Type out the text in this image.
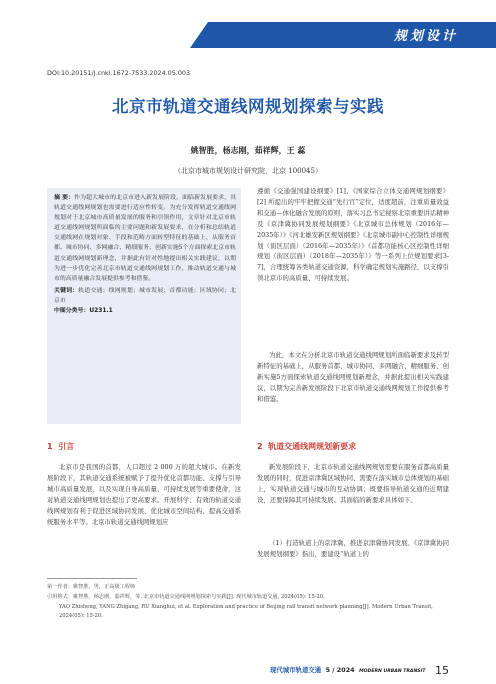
规划设计
DOI:10.20151/j.cnki.1672-7533.2024.05.003
北京市轨道交通线网规划探索与实践
姚智胜，杨志刚，茹祥辉，王 蕊
（北京市城市规划设计研究院，北京 100045）
摘 要：作为超大城市的北京市进入新发展阶段，面临新发展要求，其轨道交通线网规划也需要进行适应性转变。为充分发挥轨道交通线网规划对于北京城市高质量发展的服务和引领作用，文章针对北京市轨道交通线网规划所面临的主要问题和新发展要求，在分析和总结轨道交通线网在规划对象、手段和范畴方面转型特征的基础上，从服务首都、城市协同、多网融合、精细服务、创新实施5个方面探索北京市轨道交通线网规划新理念，并据此有针对性地提出相关实践建议，以期为进一步优化完善北京市轨道交通线网规划工作、推动轨道交通与城市的高质量融合发展提供参考和借鉴。
关键词：轨道交通；线网规划；城市发展；首都功能；区域协同；北京市
中图分类号：U231.1
1 引言
北京市是我国的首都，人口超过 2 000 万的超大城市。在新发展阶段下，其轨道交通系统被赋予了提升优化首都功能、支撑与引导城市高质量发展，以及实现自身高质量、可持续发展等重要使命，这对轨道交通线网规划也提出了更高要求。开展科学、有效的轨道交通线网规划有利于促进区域协同发展、优化城市空间结构、提高交通系统服务水平等。北京市轨道交通线网规划应
遵循《交通强国建设纲要》[1]、《国家综合立体交通网规划纲要》[2] 所提出的牢牢把握交通“先行官”定位，适度超前，注重质量效益和交通—体化融合发展的原则，落实习总书记视察北京重要讲话精神及《京津冀协同发展规划纲要》《北京城市总体规划（2016年—2035年）》《河北雄安新区规划纲要》《北京城市副中心控制性详细规划（街区层面）（2016年—2035年）》《首都功能核心区控制性详细规划（街区层面）（2018年—2035年）》等一系列上位规划要求[3-7]，合理统筹各类轨道交通资源，科学确定规划实施路径，以支撑引领北京市的高质量、可持续发展。
为此，本文在分析北京市轨道交通线网规划所面临新要求及转型新特征的基础上，从服务首都、城市协同、多网融合、精细服务、创新实施5方面探索轨道交通线网规划新理念，并据此提出相关实践建议，以期为完善新发展阶段下北京市轨道交通线网规划工作提供参考和借鉴。
2 轨道交通线网规划新要求
新发展阶段下，北京市轨道交通线网规划需要在服务首都高质量发展的同时，促进京津冀区域协同、需要在落实城市总体规划的基础上，实现轨道交通与城市的互动协调；既要指导轨道交通的近期建设，还要保障其可持续发展。其面临的新要求具体如下。
（1）打造轨道上的京津冀，推进京津冀协同发展。《京津冀协同发展规划纲要》指出，要建设“轨道上的
第一作者：姚智胜，男，正高级工程师
引用格式：姚智胜，杨志刚，茹祥辉，等. 北京市轨道交通线网规划探索与实践[J]. 现代城市轨道交通, 2024(05): 15-20.
YAO Zhisheng, YANG Zhigang, RU Xianghui, et al. Exploration and practice of Beijing rail transit network planning[J]. Modern Urban Transit, 2024(05): 15-20.
现代城市轨道交通 5 / 2024 MODERN URBAN TRANSIT 15
